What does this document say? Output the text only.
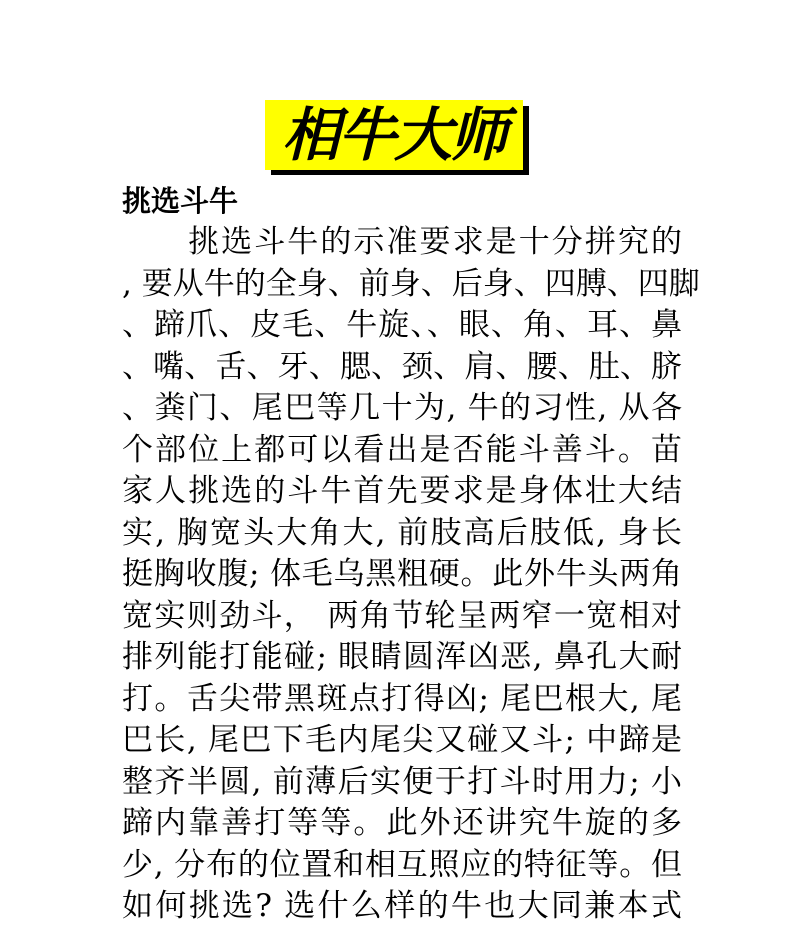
相牛大师
挑选斗牛
　　挑选斗牛的示准要求是十分拼究的
, 要从牛的全身、前身、后身、四膊、四脚
、蹄爪、皮毛、牛旋、、眼、角、耳、鼻
、嘴、舌、牙、腮、颈、肩、腰、肚、脐
、粪门、尾巴等几十为, 牛的习性, 从各
个部位上都可以看出是否能斗善斗。苗
家人挑选的斗牛首先要求是身体壮大结
实, 胸宽头大角大, 前肢高后肢低, 身长
挺胸收腹; 体毛乌黑粗硬。此外牛头两角
宽实则劲斗， 两角节轮呈两窄一宽相对
排列能打能碰; 眼睛圆浑凶恶, 鼻孔大耐
打。舌尖带黑斑点打得凶; 尾巴根大, 尾
巴长, 尾巴下毛内尾尖又碰又斗; 中蹄是
整齐半圆, 前薄后实便于打斗时用力; 小
蹄内靠善打等等。此外还讲究牛旋的多
少, 分布的位置和相互照应的特征等。但
如何挑选? 选什么样的牛也大同兼本式
